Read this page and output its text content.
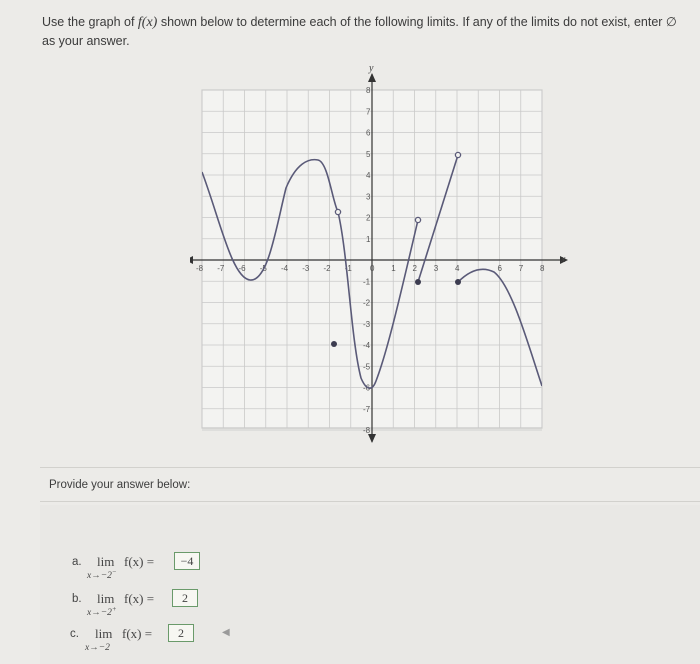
Use the graph of f(x) shown below to determine each of the following limits. If any of the limits do not exist, enter ∅ as your answer.
x
y
-8 -7 -6 -5 -4 -3 -2 -1 0 1 2 3 4	6 7 8
8
7
6
5
4
3
2
1
-1
-2
-3
-4
-5
-6
-7
-8
Provide your answer below:
a. lim
x→−2−
f(x) =	−4
b. lim
x→−2+
f(x) =	2
c. lim
x→−2
f(x) =	2	◀
